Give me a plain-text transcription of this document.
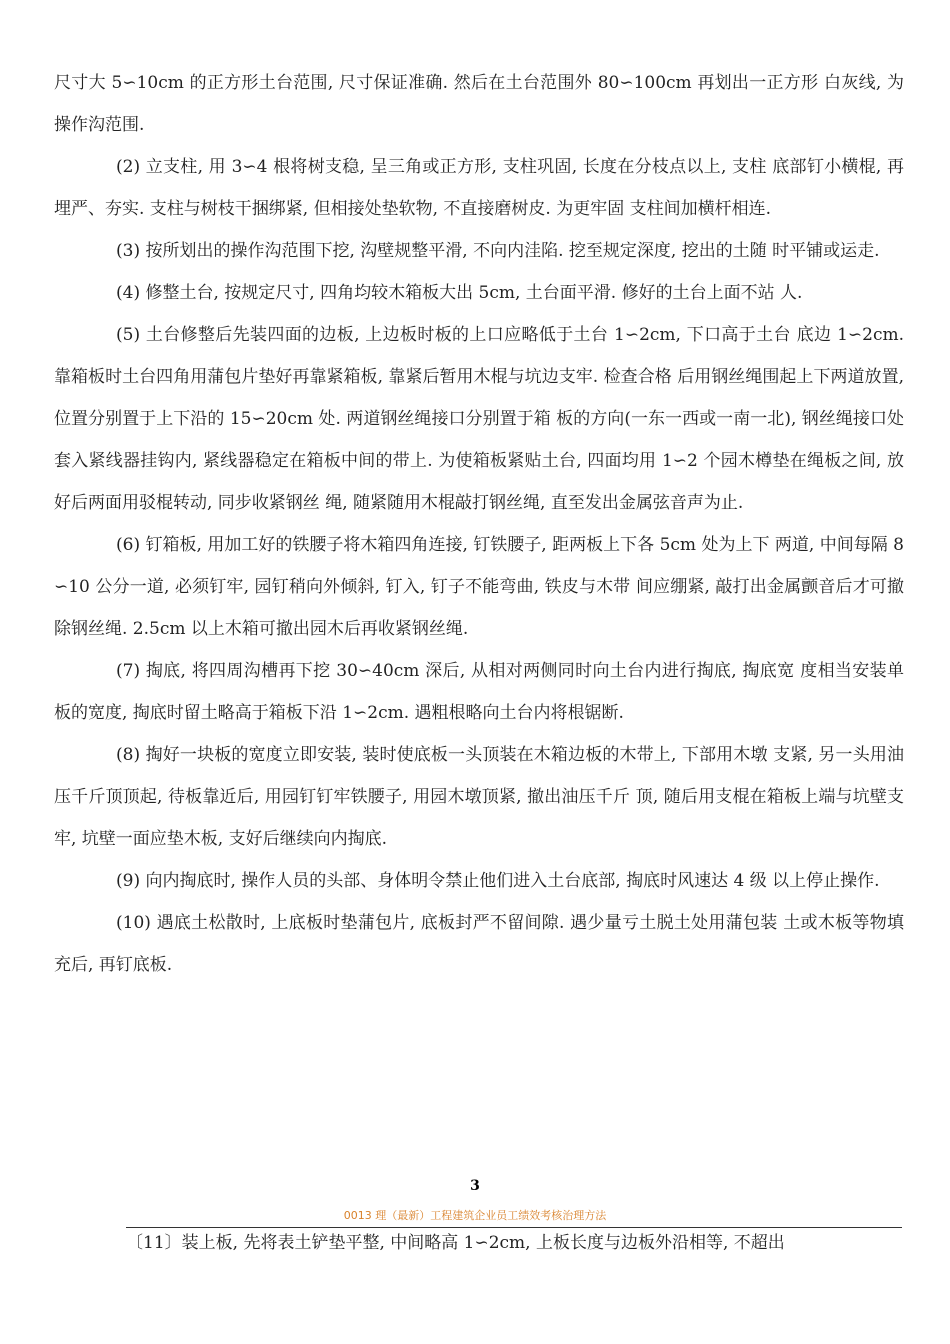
尺寸大 5∽10cm 的正方形土台范围, 尺寸保证准确. 然后在土台范围外 80∽100cm 再划出一正方形 白灰线, 为操作沟范围.

(2) 立支柱, 用 3∽4 根将树支稳, 呈三角或正方形, 支柱巩固, 长度在分枝点以上, 支柱 底部钉小横棍, 再埋严、夯实. 支柱与树枝干捆绑紧, 但相接处垫软物, 不直接磨树皮. 为更牢固 支柱间加横杆相连.

(3) 按所划出的操作沟范围下挖, 沟壁规整平滑, 不向内洼陷. 挖至规定深度, 挖出的土随 时平铺或运走.

(4) 修整土台, 按规定尺寸, 四角均较木箱板大出 5cm, 土台面平滑. 修好的土台上面不站 人.

(5) 土台修整后先装四面的边板, 上边板时板的上口应略低于土台 1∽2cm, 下口高于土台 底边 1∽2cm. 靠箱板时土台四角用蒲包片垫好再靠紧箱板, 靠紧后暂用木棍与坑边支牢. 检查合格 后用钢丝绳围起上下两道放置, 位置分别置于上下沿的 15∽20cm 处. 两道钢丝绳接口分别置于箱 板的方向(一东一西或一南一北), 钢丝绳接口处套入紧线器挂钩内, 紧线器稳定在箱板中间的带上. 为使箱板紧贴土台, 四面均用 1∽2 个园木樽垫在绳板之间, 放好后两面用驳棍转动, 同步收紧钢丝 绳, 随紧随用木棍敲打钢丝绳, 直至发出金属弦音声为止.

(6) 钉箱板, 用加工好的铁腰子将木箱四角连接, 钉铁腰子, 距两板上下各 5cm 处为上下 两道, 中间每隔 8∽10 公分一道, 必须钉牢, 园钉稍向外倾斜, 钉入, 钉子不能弯曲, 铁皮与木带 间应绷紧, 敲打出金属颤音后才可撤除钢丝绳. 2.5cm 以上木箱可撤出园木后再收紧钢丝绳.

(7) 掏底, 将四周沟槽再下挖 30∽40cm 深后, 从相对两侧同时向土台内进行掏底, 掏底宽 度相当安装单板的宽度, 掏底时留土略高于箱板下沿 1∽2cm. 遇粗根略向土台内将根锯断.

(8) 掏好一块板的宽度立即安装, 装时使底板一头顶装在木箱边板的木带上, 下部用木墩 支紧, 另一头用油压千斤顶顶起, 待板靠近后, 用园钉钉牢铁腰子, 用园木墩顶紧, 撤出油压千斤 顶, 随后用支棍在箱板上端与坑壁支牢, 坑壁一面应垫木板, 支好后继续向内掏底.

(9) 向内掏底时, 操作人员的头部、身体明令禁止他们进入土台底部, 掏底时风速达 4 级 以上停止操作.

(10) 遇底土松散时, 上底板时垫蒲包片, 底板封严不留间隙. 遇少量亏土脱土处用蒲包装 土或木板等物填充后, 再钉底板.

3
0013 理（最新）工程建筑企业员工绩效考核治理方法
〔11〕装上板, 先将表土铲垫平整, 中间略高 1∽2cm, 上板长度与边板外沿相等, 不超出
